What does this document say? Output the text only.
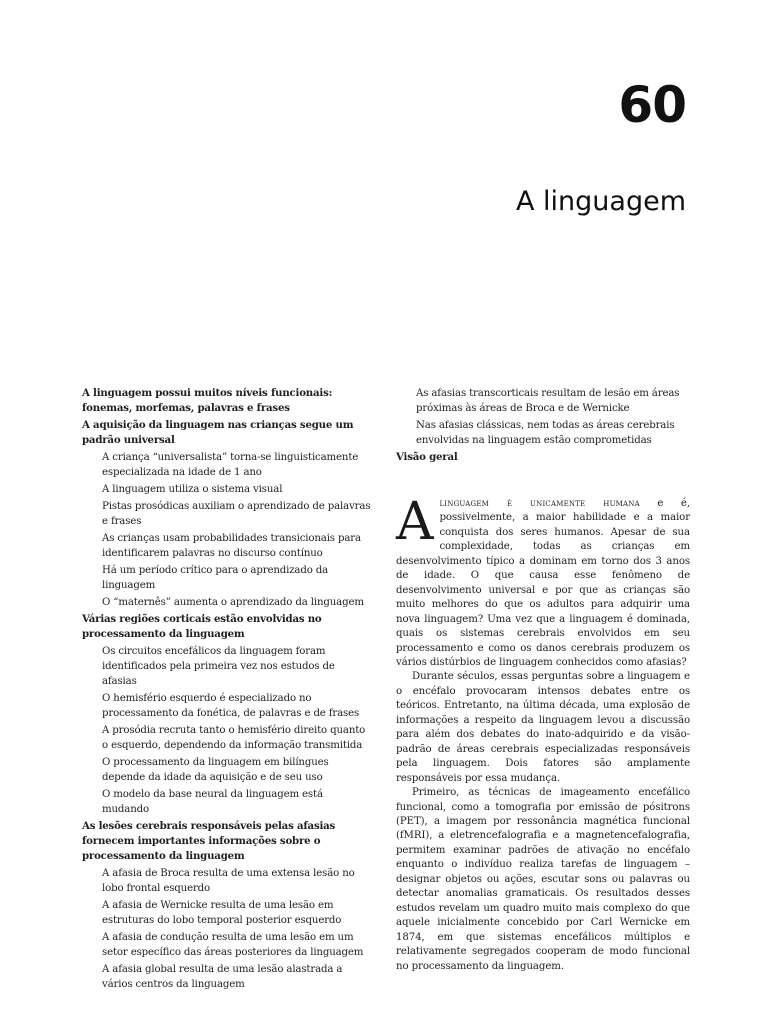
60
A linguagem
A linguagem possui muitos níveis funcionais: fonemas, morfemas, palavras e frases
A aquisição da linguagem nas crianças segue um padrão universal
A criança “universalista” torna-se linguisticamente especializada na idade de 1 ano
A linguagem utiliza o sistema visual
Pistas prosódicas auxiliam o aprendizado de palavras e frases
As crianças usam probabilidades transicionais para identificarem palavras no discurso contínuo
Há um período crítico para o aprendizado da linguagem
O “maternês” aumenta o aprendizado da linguagem
Várias regiões corticais estão envolvidas no processamento da linguagem
Os circuitos encefálicos da linguagem foram identificados pela primeira vez nos estudos de afasias
O hemisfério esquerdo é especializado no processamento da fonética, de palavras e de frases
A prosódia recruta tanto o hemisfério direito quanto o esquerdo, dependendo da informação transmitida
O processamento da linguagem em bilíngues depende da idade da aquisição e de seu uso
O modelo da base neural da linguagem está mudando
As lesões cerebrais responsáveis pelas afasias fornecem importantes informações sobre o processamento da linguagem
A afasia de Broca resulta de uma extensa lesão no lobo frontal esquerdo
A afasia de Wernicke resulta de uma lesão em estruturas do lobo temporal posterior esquerdo
A afasia de condução resulta de uma lesão em um setor específico das áreas posteriores da linguagem
A afasia global resulta de uma lesão alastrada a vários centros da linguagem
As afasias transcorticais resultam de lesão em áreas próximas às áreas de Broca e de Wernicke
Nas afasias clássicas, nem todas as áreas cerebrais envolvidas na linguagem estão comprometidas
Visão geral

Alinguagem é unicamente humana e é, possivelmente, a maior habilidade e a maior conquista dos seres humanos. Apesar de sua complexidade, todas as crianças em desenvolvimento típico a dominam em torno dos 3 anos de idade. O que causa esse fenômeno de desenvolvimento universal e por que as crianças são muito melhores do que os adultos para adquirir uma nova linguagem? Uma vez que a linguagem é dominada, quais os sistemas cerebrais envolvidos em seu processamento e como os danos cerebrais produzem os vários distúrbios de linguagem conhecidos como afasias?

Durante séculos, essas perguntas sobre a linguagem e o encéfalo provocaram intensos debates entre os teóricos. Entretanto, na última década, uma explosão de informações a respeito da linguagem levou a discussão para além dos debates do inato-adquirido e da visão-padrão de áreas cerebrais especializadas responsáveis pela linguagem. Dois fatores são amplamente responsáveis por essa mudança.

Primeiro, as técnicas de imageamento encefálico funcional, como a tomografia por emissão de pósitrons (PET), a imagem por ressonância magnética funcional (fMRI), a eletrencefalografia e a magnetencefalografia, permitem examinar padrões de ativação no encéfalo enquanto o indivíduo realiza tarefas de linguagem – designar objetos ou ações, escutar sons ou palavras ou detectar anomalias gramaticais. Os resultados desses estudos revelam um quadro muito mais complexo do que aquele inicialmente concebido por Carl Wernicke em 1874, em que sistemas encefálicos múltiplos e relativamente segregados cooperam de modo funcional no processamento da linguagem.
